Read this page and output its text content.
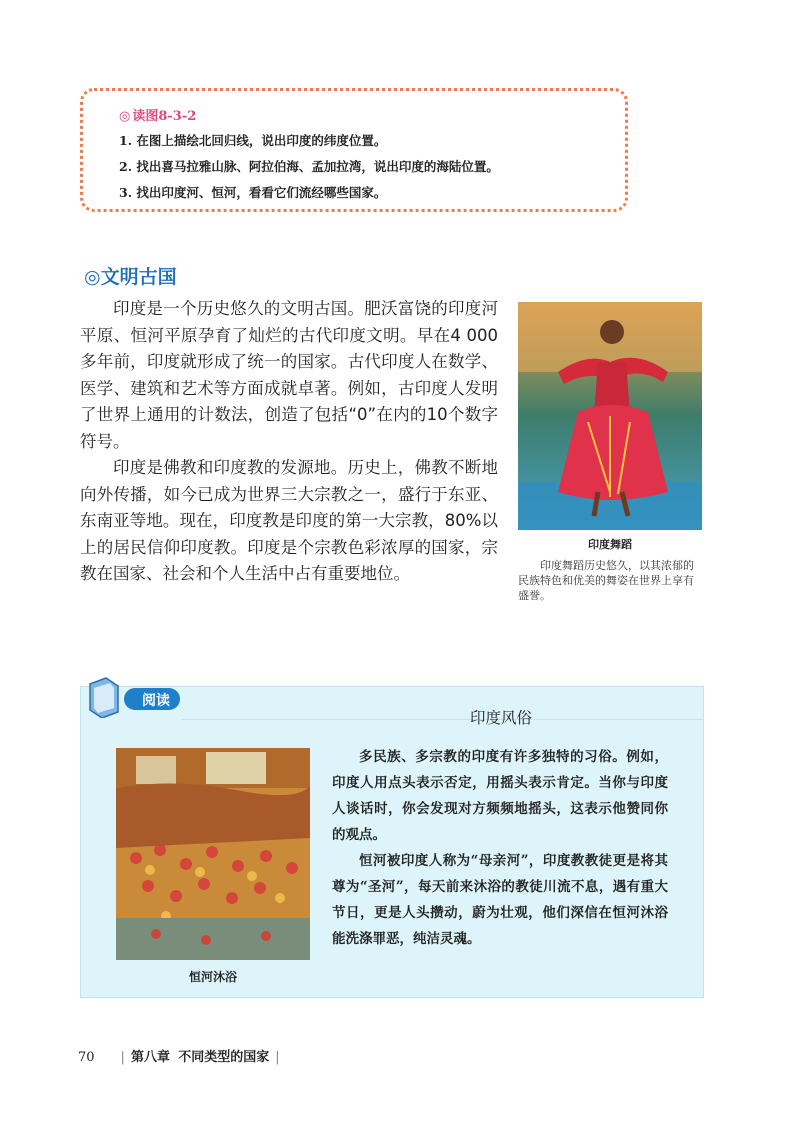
◎ 读图8-3-2
1. 在图上描绘北回归线，说出印度的纬度位置。
2. 找出喜马拉雅山脉、阿拉伯海、孟加拉湾，说出印度的海陆位置。
3. 找出印度河、恒河，看看它们流经哪些国家。
◎文明古国
印度是一个历史悠久的文明古国。肥沃富饶的印度河平原、恒河平原孕育了灿烂的古代印度文明。早在4 000多年前，印度就形成了统一的国家。古代印度人在数学、医学、建筑和艺术等方面成就卓著。例如，古印度人发明了世界上通用的计数法，创造了包括“0”在内的10个数字符号。
印度是佛教和印度教的发源地。历史上，佛教不断地向外传播，如今已成为世界三大宗教之一，盛行于东亚、东南亚等地。现在，印度教是印度的第一大宗教，80%以上的居民信仰印度教。印度是个宗教色彩浓厚的国家，宗教在国家、社会和个人生活中占有重要地位。
印度舞蹈
印度舞蹈历史悠久，以其浓郁的民族特色和优美的舞姿在世界上享有盛誉。
阅读
印度风俗
恒河沐浴
多民族、多宗教的印度有许多独特的习俗。例如，印度人用点头表示否定，用摇头表示肯定。当你与印度人谈话时，你会发现对方频频地摇头，这表示他赞同你的观点。
恒河被印度人称为“母亲河”，印度教教徒更是将其尊为“圣河”，每天前来沐浴的教徒川流不息，遇有重大节日，更是人头攒动，蔚为壮观，他们深信在恒河沐浴能洗涤罪恶，纯洁灵魂。
70 | 第八章 不同类型的国家 |
